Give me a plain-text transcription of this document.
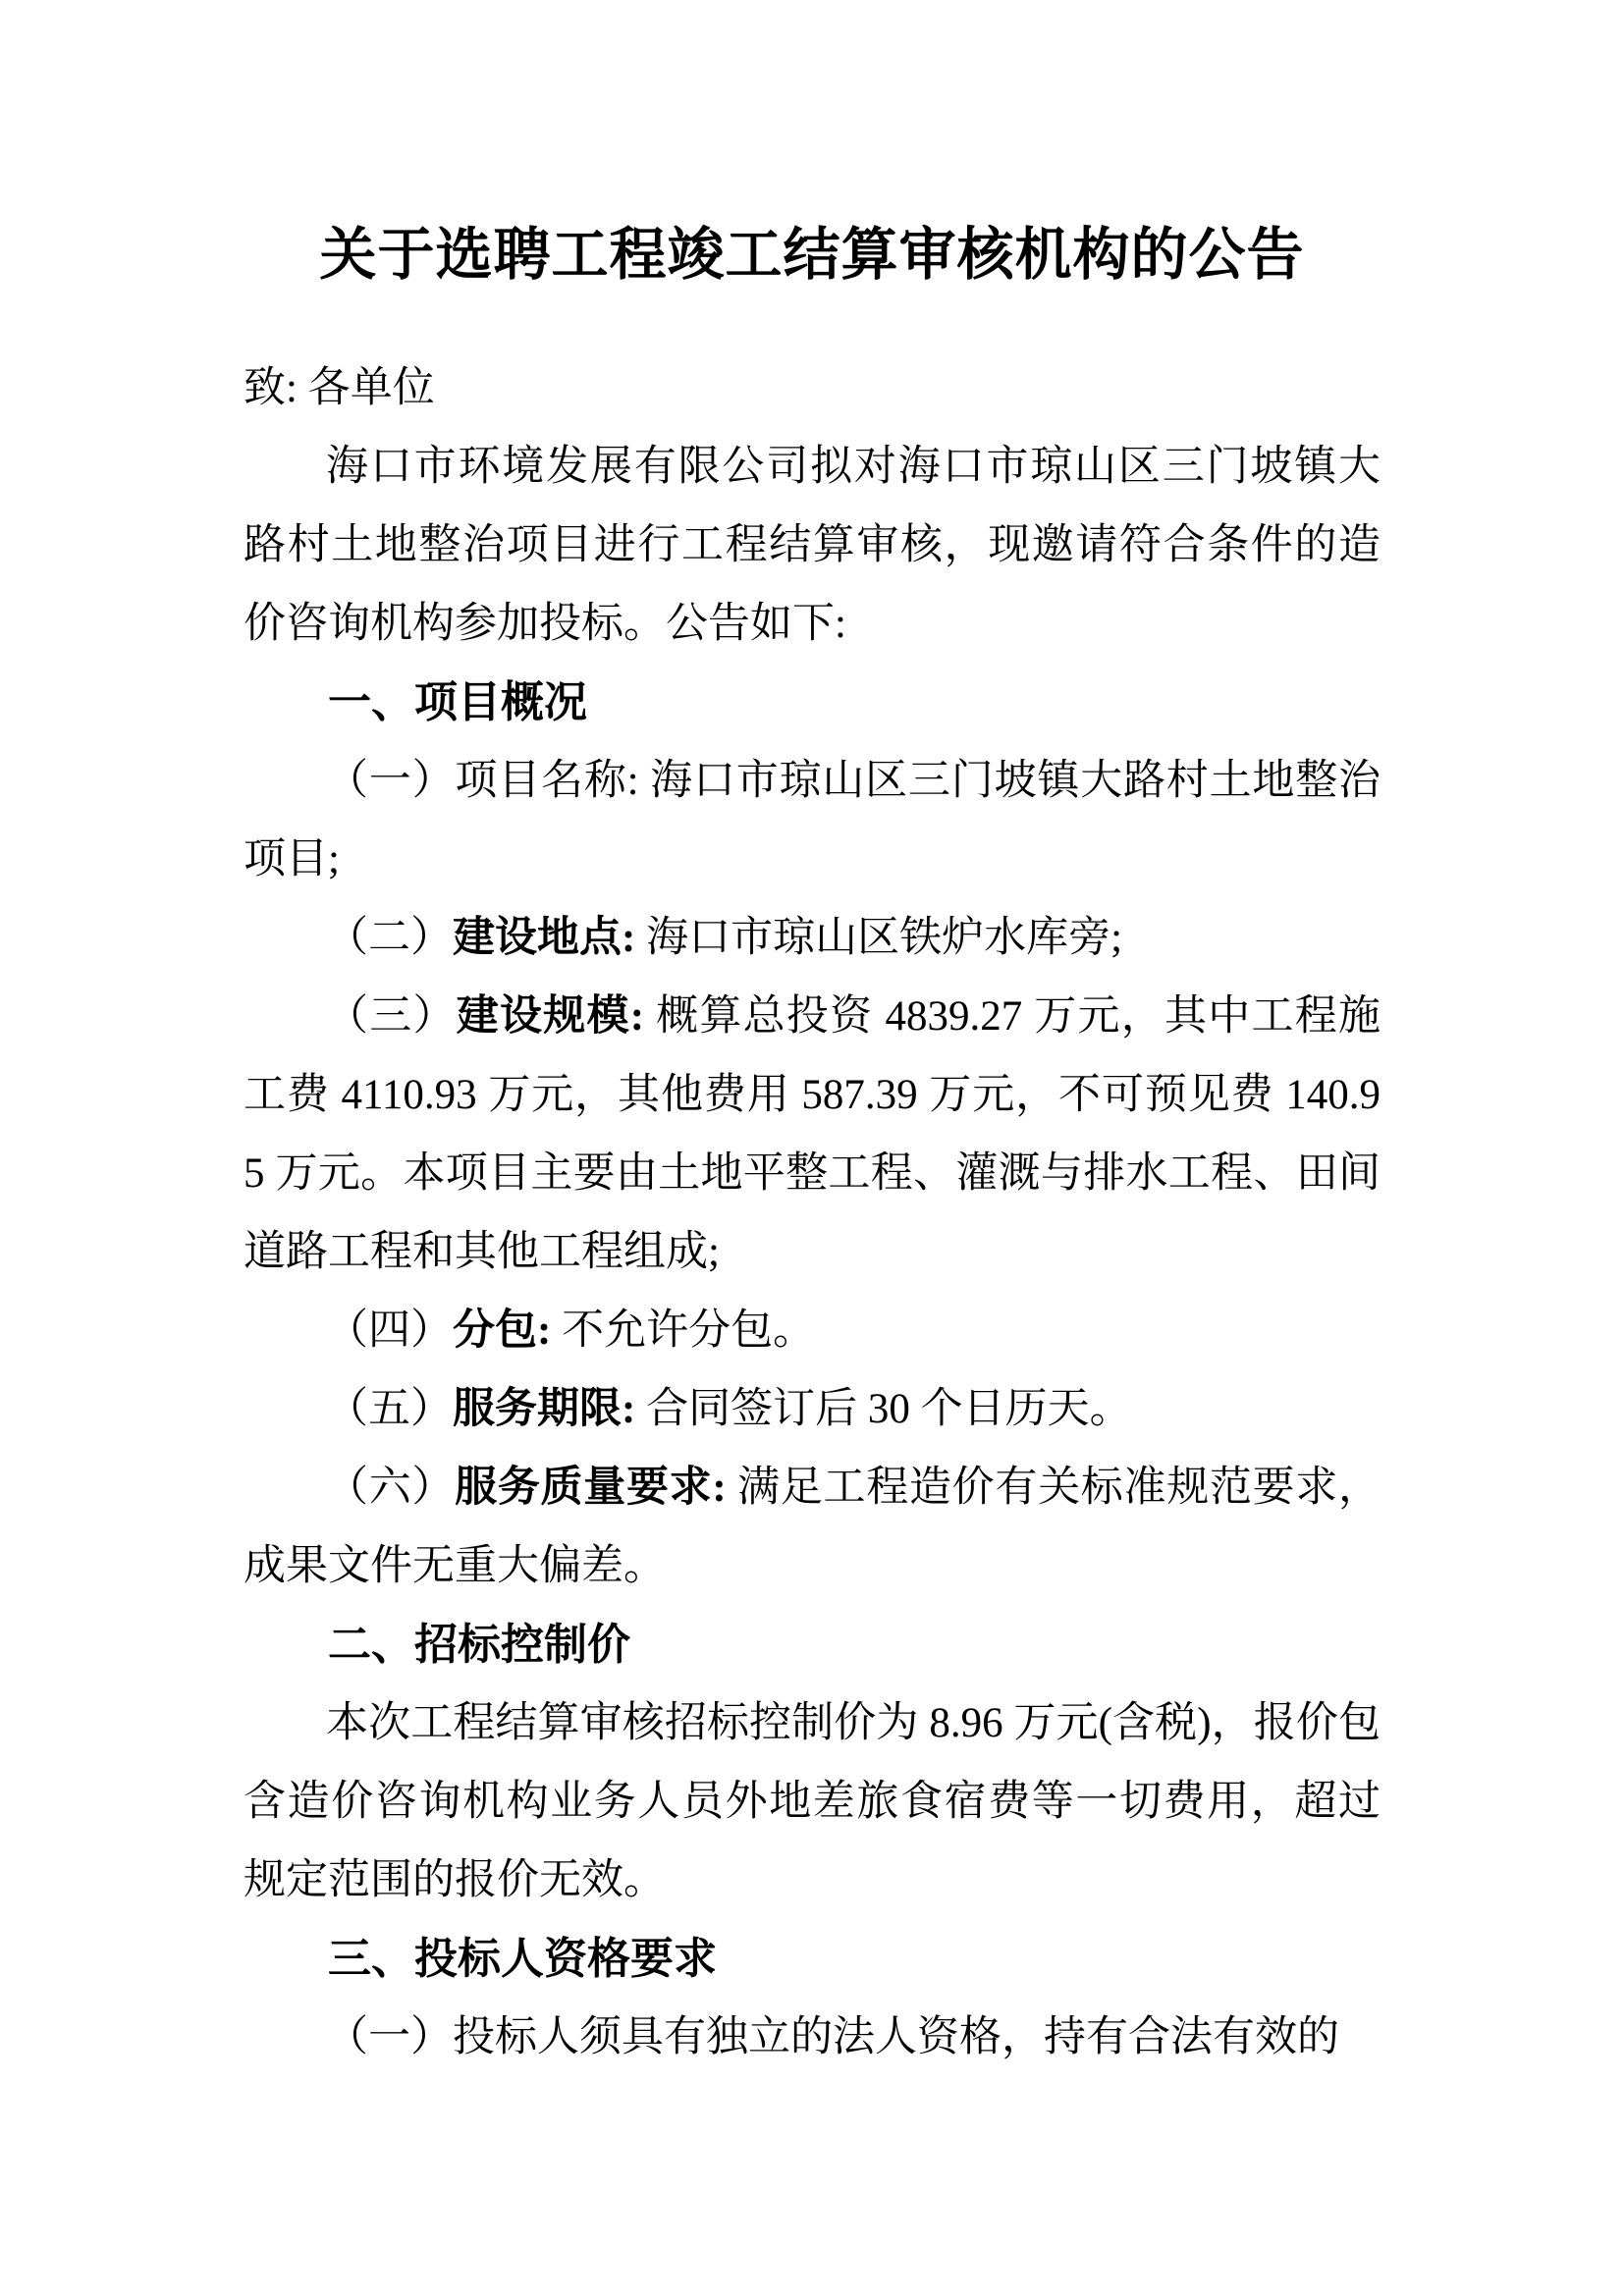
关于选聘工程竣工结算审核机构的公告

致: 各单位

海口市环境发展有限公司拟对海口市琼山区三门坡镇大路村土地整治项目进行工程结算审核，现邀请符合条件的造价咨询机构参加投标。公告如下:

一、项目概况

（一）项目名称: 海口市琼山区三门坡镇大路村土地整治项目;

（二）建设地点: 海口市琼山区铁炉水库旁;

（三）建设规模: 概算总投资 4839.27 万元，其中工程施工费 4110.93 万元，其他费用 587.39 万元，不可预见费 140.95 万元。本项目主要由土地平整工程、灌溉与排水工程、田间道路工程和其他工程组成;

（四）分包: 不允许分包。

（五）服务期限: 合同签订后 30 个日历天。

（六）服务质量要求: 满足工程造价有关标准规范要求，成果文件无重大偏差。

二、招标控制价

本次工程结算审核招标控制价为 8.96 万元(含税)，报价包含造价咨询机构业务人员外地差旅食宿费等一切费用，超过规定范围的报价无效。

三、投标人资格要求

（一）投标人须具有独立的法人资格，持有合法有效的
